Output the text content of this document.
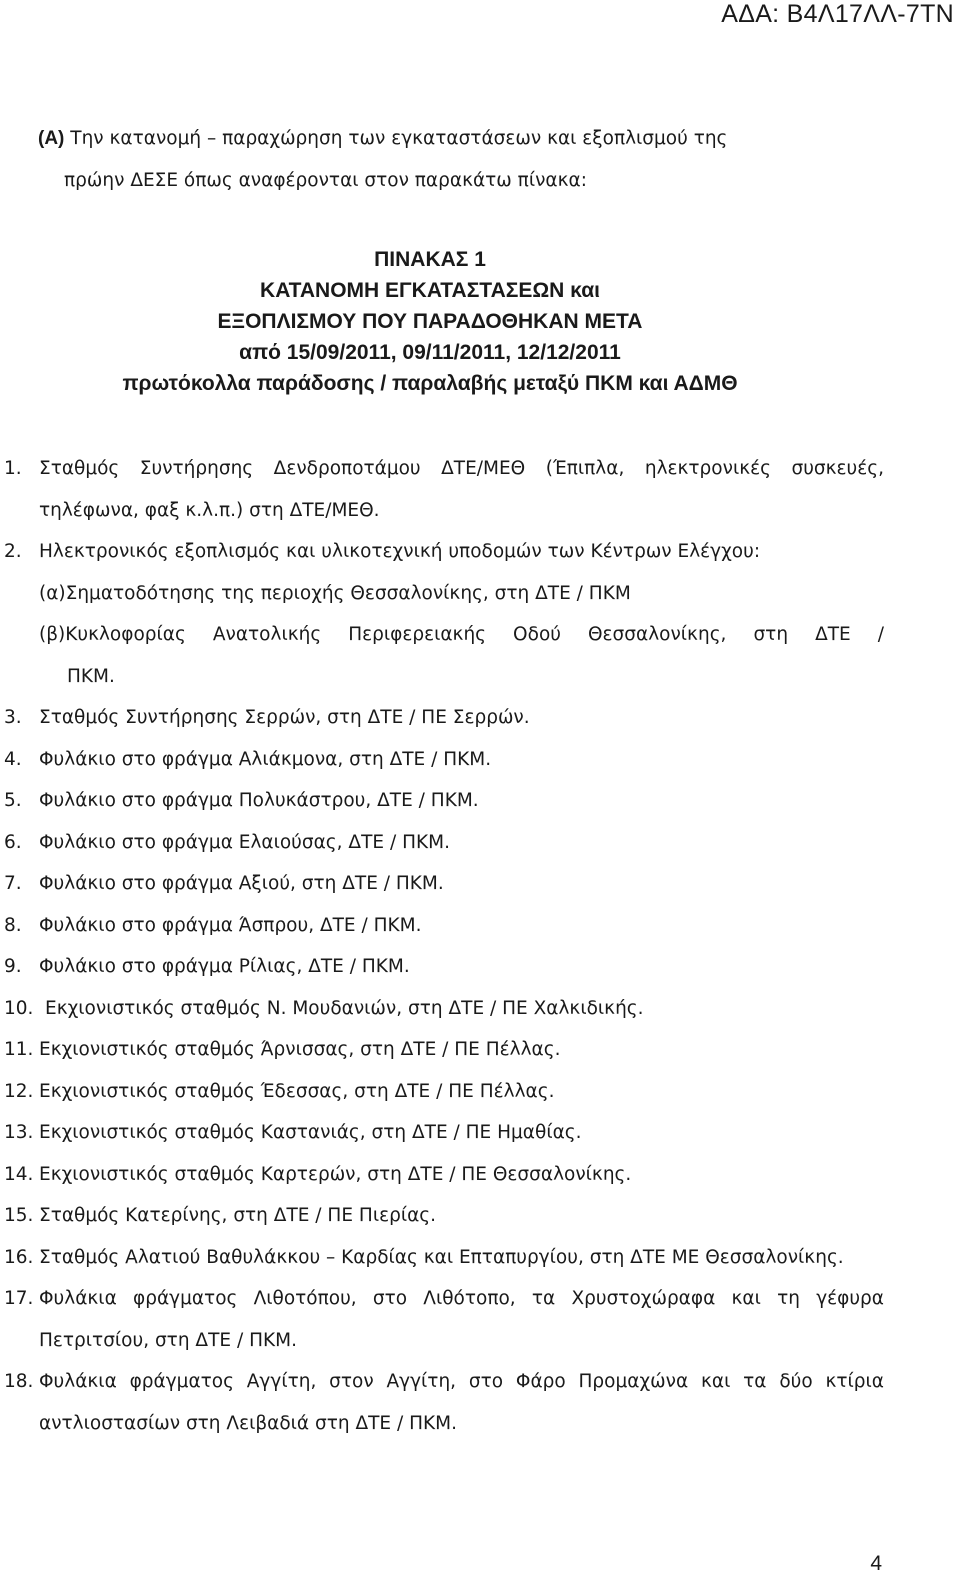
ΑΔΑ: Β4Λ17ΛΛ-7ΤΝ
(Α) Την κατανομή – παραχώρηση των εγκαταστάσεων και εξοπλισμού της
πρώην ΔΕΣΕ όπως αναφέρονται στον παρακάτω πίνακα:
ΠΙΝΑΚΑΣ 1
ΚΑΤΑΝΟΜΗ ΕΓΚΑΤΑΣΤΑΣΕΩΝ και
ΕΞΟΠΛΙΣΜΟΥ ΠΟΥ ΠΑΡΑΔΟΘΗΚΑΝ ΜΕΤΑ
από 15/09/2011, 09/11/2011, 12/12/2011
πρωτόκολλα παράδοσης / παραλαβής μεταξύ ΠΚΜ και ΑΔΜΘ
1. Σταθμός Συντήρησης Δενδροποτάμου ΔΤΕ/ΜΕΘ (Έπιπλα, ηλεκτρονικές συσκευές, τηλέφωνα, φαξ κ.λ.π.) στη ΔΤΕ/ΜΕΘ.
2. Ηλεκτρονικός εξοπλισμός και υλικοτεχνική υποδομών των Κέντρων Ελέγχου:
(α)Σηματοδότησης της περιοχής Θεσσαλονίκης, στη ΔΤΕ / ΠΚΜ
(β)Κυκλοφορίας Ανατολικής Περιφερειακής Οδού Θεσσαλονίκης, στη ΔΤΕ /
ΠΚΜ.
3. Σταθμός Συντήρησης Σερρών, στη ΔΤΕ / ΠΕ Σερρών.
4. Φυλάκιο στο φράγμα Αλιάκμονα, στη ΔΤΕ / ΠΚΜ.
5. Φυλάκιο στο φράγμα Πολυκάστρου, ΔΤΕ / ΠΚΜ.
6. Φυλάκιο στο φράγμα Ελαιούσας, ΔΤΕ / ΠΚΜ.
7. Φυλάκιο στο φράγμα Αξιού, στη ΔΤΕ / ΠΚΜ.
8. Φυλάκιο στο φράγμα Άσπρου, ΔΤΕ / ΠΚΜ.
9. Φυλάκιο στο φράγμα Ρίλιας, ΔΤΕ / ΠΚΜ.
10. Εκχιονιστικός σταθμός Ν. Μουδανιών, στη ΔΤΕ / ΠΕ Χαλκιδικής.
11. Εκχιονιστικός σταθμός Άρνισσας, στη ΔΤΕ / ΠΕ Πέλλας.
12. Εκχιονιστικός σταθμός Έδεσσας, στη ΔΤΕ / ΠΕ Πέλλας.
13. Εκχιονιστικός σταθμός Καστανιάς, στη ΔΤΕ / ΠΕ Ημαθίας.
14. Εκχιονιστικός σταθμός Καρτερών, στη ΔΤΕ / ΠΕ Θεσσαλονίκης.
15. Σταθμός Κατερίνης, στη ΔΤΕ / ΠΕ Πιερίας.
16. Σταθμός Αλατιού Βαθυλάκκου – Καρδίας και Επταπυργίου, στη ΔΤΕ ΜΕ Θεσσαλονίκης.
17. Φυλάκια φράγματος Λιθοτόπου, στο Λιθότοπο, τα Χρυστοχώραφα και τη γέφυρα Πετριτσίου, στη ΔΤΕ / ΠΚΜ.
18. Φυλάκια φράγματος Αγγίτη, στον Αγγίτη, στο Φάρο Προμαχώνα και τα δύο κτίρια αντλιοστασίων στη Λειβαδιά στη ΔΤΕ / ΠΚΜ.
4
